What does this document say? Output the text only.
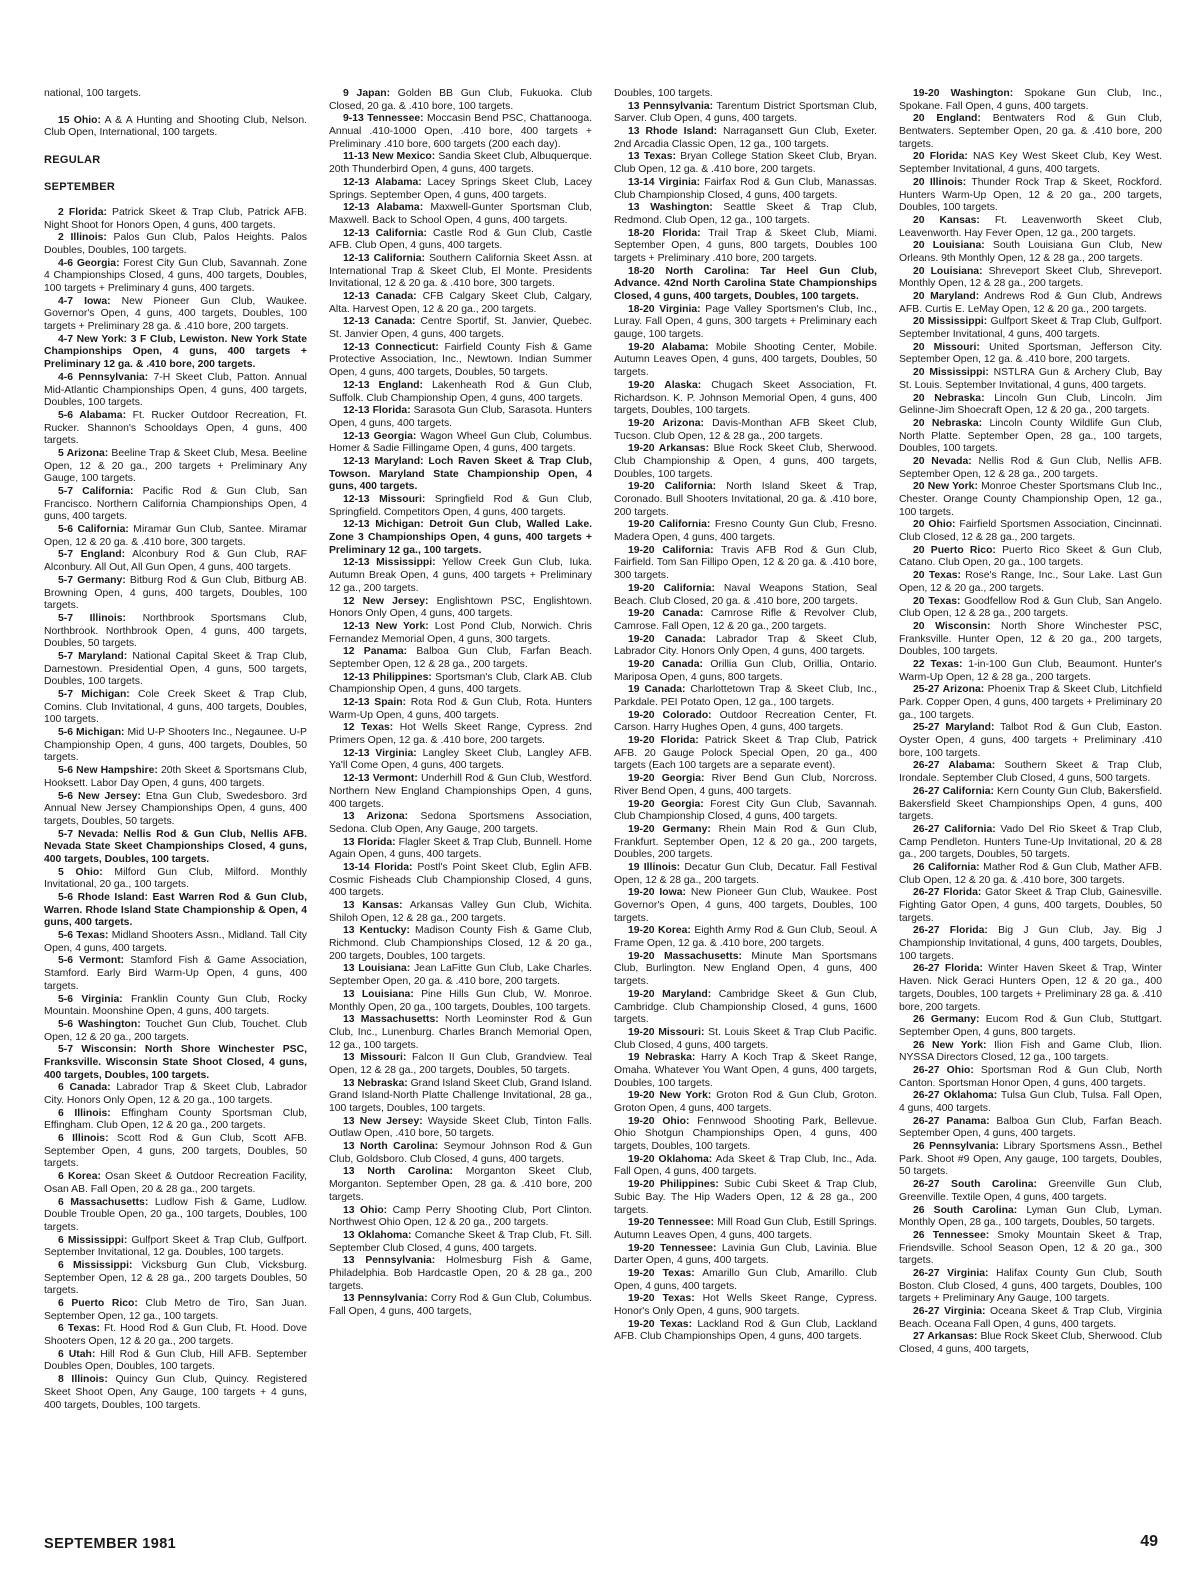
national, 100 targets.

15 Ohio: A & A Hunting and Shooting Club, Nelson. Club Open, International, 100 targets.

REGULAR
SEPTEMBER

2 Florida: Patrick Skeet & Trap Club, Patrick AFB. Night Shoot for Honors Open, 4 guns, 400 targets.

2 Illinois: Palos Gun Club, Palos Heights. Palos Doubles, Doubles, 100 targets.

4-6 Georgia: Forest City Gun Club, Savannah. Zone 4 Championships Closed, 4 guns, 400 targets, Doubles, 100 targets + Preliminary 4 guns, 400 targets.

4-7 Iowa: New Pioneer Gun Club, Waukee. Governor's Open, 4 guns, 400 targets, Doubles, 100 targets + Preliminary 28 ga. & .410 bore, 200 targets.

4-7 New York: 3 F Club, Lewiston. New York State Championships Open, 4 guns, 400 targets + Preliminary 12 ga. & .410 bore, 200 targets.

4-6 Pennsylvania: 7-H Skeet Club, Patton. Annual Mid-Atlantic Championships Open, 4 guns, 400 targets, Doubles, 100 targets.

5-6 Alabama: Ft. Rucker Outdoor Recreation, Ft. Rucker. Shannon's Schooldays Open, 4 guns, 400 targets.

5 Arizona: Beeline Trap & Skeet Club, Mesa. Beeline Open, 12 & 20 ga., 200 targets + Preliminary Any Gauge, 100 targets.

5-7 California: Pacific Rod & Gun Club, San Francisco. Northern California Championships Open, 4 guns, 400 targets.

5-6 California: Miramar Gun Club, Santee. Miramar Open, 12 & 20 ga. & .410 bore, 300 targets.

5-7 England: Alconbury Rod & Gun Club, RAF Alconbury. All Out, All Gun Open, 4 guns, 400 targets.

5-7 Germany: Bitburg Rod & Gun Club, Bitburg AB. Browning Open, 4 guns, 400 targets, Doubles, 100 targets.

5-7 Illinois: Northbrook Sportsmans Club, Northbrook. Northbrook Open, 4 guns, 400 targets, Doubles, 50 targets.

5-7 Maryland: National Capital Skeet & Trap Club, Darnestown. Presidential Open, 4 guns, 500 targets, Doubles, 100 targets.

5-7 Michigan: Cole Creek Skeet & Trap Club, Comins. Club Invitational, 4 guns, 400 targets, Doubles, 100 targets.

5-6 Michigan: Mid U-P Shooters Inc., Negaunee. U-P Championship Open, 4 guns, 400 targets, Doubles, 50 targets.

5-6 New Hampshire: 20th Skeet & Sportsmans Club, Hooksett. Labor Day Open, 4 guns, 400 targets.

5-6 New Jersey: Etna Gun Club, Swedesboro. 3rd Annual New Jersey Championships Open, 4 guns, 400 targets, Doubles, 50 targets.

5-7 Nevada: Nellis Rod & Gun Club, Nellis AFB. Nevada State Skeet Championships Closed, 4 guns, 400 targets, Doubles, 100 targets.

5 Ohio: Milford Gun Club, Milford. Monthly Invitational, 20 ga., 100 targets.

5-6 Rhode Island: East Warren Rod & Gun Club, Warren. Rhode Island State Championship & Open, 4 guns, 400 targets.

5-6 Texas: Midland Shooters Assn., Midland. Tall City Open, 4 guns, 400 targets.

5-6 Vermont: Stamford Fish & Game Association, Stamford. Early Bird Warm-Up Open, 4 guns, 400 targets.

5-6 Virginia: Franklin County Gun Club, Rocky Mountain. Moonshine Open, 4 guns, 400 targets.

5-6 Washington: Touchet Gun Club, Touchet. Club Open, 12 & 20 ga., 200 targets.

5-7 Wisconsin: North Shore Winchester PSC, Franksville. Wisconsin State Shoot Closed, 4 guns, 400 targets, Doubles, 100 targets.

6 Canada: Labrador Trap & Skeet Club, Labrador City. Honors Only Open, 12 & 20 ga., 100 targets.

6 Illinois: Effingham County Sportsman Club, Effingham. Club Open, 12 & 20 ga., 200 targets.

6 Illinois: Scott Rod & Gun Club, Scott AFB. September Open, 4 guns, 200 targets, Doubles, 50 targets.

6 Korea: Osan Skeet & Outdoor Recreation Facility, Osan AB. Fall Open, 20 & 28 ga., 200 targets.

6 Massachusetts: Ludlow Fish & Game, Ludlow. Double Trouble Open, 20 ga., 100 targets, Doubles, 100 targets.

6 Mississippi: Gulfport Skeet & Trap Club, Gulfport. September Invitational, 12 ga. Doubles, 100 targets.

6 Mississippi: Vicksburg Gun Club, Vicksburg. September Open, 12 & 28 ga., 200 targets Doubles, 50 targets.

6 Puerto Rico: Club Metro de Tiro, San Juan. September Open, 12 ga., 100 targets.

6 Texas: Ft. Hood Rod & Gun Club, Ft. Hood. Dove Shooters Open, 12 & 20 ga., 200 targets.

6 Utah: Hill Rod & Gun Club, Hill AFB. September Doubles Open, Doubles, 100 targets.

8 Illinois: Quincy Gun Club, Quincy. Registered Skeet Shoot Open, Any Gauge, 100 targets + 4 guns, 400 targets, Doubles, 100 targets.

9 Japan: Golden BB Gun Club, Fukuoka. Club Closed, 20 ga. & .410 bore, 100 targets.

9-13 Tennessee: Moccasin Bend PSC, Chattanooga. Annual .410-1000 Open, .410 bore, 400 targets + Preliminary .410 bore, 600 targets (200 each day).

11-13 New Mexico: Sandia Skeet Club, Albuquerque. 20th Thunderbird Open, 4 guns, 400 targets.

12-13 Alabama: Lacey Springs Skeet Club, Lacey Springs. September Open, 4 guns, 400 targets.

12-13 Alabama: Maxwell-Gunter Sportsman Club, Maxwell. Back to School Open, 4 guns, 400 targets.

12-13 California: Castle Rod & Gun Club, Castle AFB. Club Open, 4 guns, 400 targets.

12-13 California: Southern California Skeet Assn. at International Trap & Skeet Club, El Monte. Presidents Invitational, 12 & 20 ga. & .410 bore, 300 targets.

12-13 Canada: CFB Calgary Skeet Club, Calgary, Alta. Harvest Open, 12 & 20 ga., 200 targets.

12-13 Canada: Centre Sportif, St. Janvier, Quebec. St. Janvier Open, 4 guns, 400 targets.

12-13 Connecticut: Fairfield County Fish & Game Protective Association, Inc., Newtown. Indian Summer Open, 4 guns, 400 targets, Doubles, 50 targets.

12-13 England: Lakenheath Rod & Gun Club, Suffolk. Club Championship Open, 4 guns, 400 targets.

12-13 Florida: Sarasota Gun Club, Sarasota. Hunters Open, 4 guns, 400 targets.

12-13 Georgia: Wagon Wheel Gun Club, Columbus. Homer & Sadie Fillingame Open, 4 guns, 400 targets.

12-13 Maryland: Loch Raven Skeet & Trap Club, Towson. Maryland State Championship Open, 4 guns, 400 targets.

12-13 Missouri: Springfield Rod & Gun Club, Springfield. Competitors Open, 4 guns, 400 targets.

12-13 Michigan: Detroit Gun Club, Walled Lake. Zone 3 Championships Open, 4 guns, 400 targets + Preliminary 12 ga., 100 targets.

12-13 Mississippi: Yellow Creek Gun Club, Iuka. Autumn Break Open, 4 guns, 400 targets + Preliminary 12 ga., 200 targets.

12 New Jersey: Englishtown PSC, Englishtown. Honors Only Open, 4 guns, 400 targets.

12-13 New York: Lost Pond Club, Norwich. Chris Fernandez Memorial Open, 4 guns, 300 targets.

12 Panama: Balboa Gun Club, Farfan Beach. September Open, 12 & 28 ga., 200 targets.

12-13 Philippines: Sportsman's Club, Clark AB. Club Championship Open, 4 guns, 400 targets.

12-13 Spain: Rota Rod & Gun Club, Rota. Hunters Warm-Up Open, 4 guns, 400 targets.

12 Texas: Hot Wells Skeet Range, Cypress. 2nd Primers Open, 12 ga. & .410 bore, 200 targets.

12-13 Virginia: Langley Skeet Club, Langley AFB. Ya'll Come Open, 4 guns, 400 targets.

12-13 Vermont: Underhill Rod & Gun Club, Westford. Northern New England Championships Open, 4 guns, 400 targets.

13 Arizona: Sedona Sportsmens Association, Sedona. Club Open, Any Gauge, 200 targets.

13 Florida: Flagler Skeet & Trap Club, Bunnell. Home Again Open, 4 guns, 400 targets.

13-14 Florida: Postl's Point Skeet Club, Eglin AFB. Cosmic Fisheads Club Championship Closed, 4 guns, 400 targets.

13 Kansas: Arkansas Valley Gun Club, Wichita. Shiloh Open, 12 & 28 ga., 200 targets.

13 Kentucky: Madison County Fish & Game Club, Richmond. Club Championships Closed, 12 & 20 ga., 200 targets, Doubles, 100 targets.

13 Louisiana: Jean LaFitte Gun Club, Lake Charles. September Open, 20 ga. & .410 bore, 200 targets.

13 Louisiana: Pine Hills Gun Club, W. Monroe. Monthly Open, 20 ga., 100 targets, Doubles, 100 targets.

13 Massachusetts: North Leominster Rod & Gun Club, Inc., Lunenburg. Charles Branch Memorial Open, 12 ga., 100 targets.

13 Missouri: Falcon II Gun Club, Grandview. Teal Open, 12 & 28 ga., 200 targets, Doubles, 50 targets.

13 Nebraska: Grand Island Skeet Club, Grand Island. Grand Island-North Platte Challenge Invitational, 28 ga., 100 targets, Doubles, 100 targets.

13 New Jersey: Wayside Skeet Club, Tinton Falls. Outlaw Open, .410 bore, 50 targets.

13 North Carolina: Seymour Johnson Rod & Gun Club, Goldsboro. Club Closed, 4 guns, 400 targets.

13 North Carolina: Morganton Skeet Club, Morganton. September Open, 28 ga. & .410 bore, 200 targets.

13 Ohio: Camp Perry Shooting Club, Port Clinton. Northwest Ohio Open, 12 & 20 ga., 200 targets.

13 Oklahoma: Comanche Skeet & Trap Club, Ft. Sill. September Club Closed, 4 guns, 400 targets.

13 Pennsylvania: Holmesburg Fish & Game, Philadelphia. Bob Hardcastle Open, 20 & 28 ga., 200 targets.

13 Pennsylvania: Corry Rod & Gun Club, Columbus. Fall Open, 4 guns, 400 targets,

Doubles, 100 targets.

13 Pennsylvania: Tarentum District Sportsman Club, Sarver. Club Open, 4 guns, 400 targets.

13 Rhode Island: Narragansett Gun Club, Exeter. 2nd Arcadia Classic Open, 12 ga., 100 targets.

13 Texas: Bryan College Station Skeet Club, Bryan. Club Open, 12 ga. & .410 bore, 200 targets.

13-14 Virginia: Fairfax Rod & Gun Club, Manassas. Club Championship Closed, 4 guns, 400 targets.

13 Washington: Seattle Skeet & Trap Club, Redmond. Club Open, 12 ga., 100 targets.

18-20 Florida: Trail Trap & Skeet Club, Miami. September Open, 4 guns, 800 targets, Doubles 100 targets + Preliminary .410 bore, 200 targets.

18-20 North Carolina: Tar Heel Gun Club, Advance. 42nd North Carolina State Championships Closed, 4 guns, 400 targets, Doubles, 100 targets.

18-20 Virginia: Page Valley Sportsmen's Club, Inc., Luray. Fall Open, 4 guns, 300 targets + Preliminary each gauge, 100 targets.

19-20 Alabama: Mobile Shooting Center, Mobile. Autumn Leaves Open, 4 guns, 400 targets, Doubles, 50 targets.

19-20 Alaska: Chugach Skeet Association, Ft. Richardson. K. P. Johnson Memorial Open, 4 guns, 400 targets, Doubles, 100 targets.

19-20 Arizona: Davis-Monthan AFB Skeet Club, Tucson. Club Open, 12 & 28 ga., 200 targets.

19-20 Arkansas: Blue Rock Skeet Club, Sherwood. Club Championship & Open, 4 guns, 400 targets, Doubles, 100 targets.

19-20 California: North Island Skeet & Trap, Coronado. Bull Shooters Invitational, 20 ga. & .410 bore, 200 targets.

19-20 California: Fresno County Gun Club, Fresno. Madera Open, 4 guns, 400 targets.

19-20 California: Travis AFB Rod & Gun Club, Fairfield. Tom San Fillipo Open, 12 & 20 ga. & .410 bore, 300 targets.

19-20 California: Naval Weapons Station, Seal Beach. Club Closed, 20 ga. & .410 bore, 200 targets.

19-20 Canada: Camrose Rifle & Revolver Club, Camrose. Fall Open, 12 & 20 ga., 200 targets.

19-20 Canada: Labrador Trap & Skeet Club, Labrador City. Honors Only Open, 4 guns, 400 targets.

19-20 Canada: Orillia Gun Club, Orillia, Ontario. Mariposa Open, 4 guns, 800 targets.

19 Canada: Charlottetown Trap & Skeet Club, Inc., Parkdale. PEI Potato Open, 12 ga., 100 targets.

19-20 Colorado: Outdoor Recreation Center, Ft. Carson. Harry Hughes Open, 4 guns, 400 targets.

19-20 Florida: Patrick Skeet & Trap Club, Patrick AFB. 20 Gauge Polock Special Open, 20 ga., 400 targets (Each 100 targets are a separate event).

19-20 Georgia: River Bend Gun Club, Norcross. River Bend Open, 4 guns, 400 targets.

19-20 Georgia: Forest City Gun Club, Savannah. Club Championship Closed, 4 guns, 400 targets.

19-20 Germany: Rhein Main Rod & Gun Club, Frankfurt. September Open, 12 & 20 ga., 200 targets, Doubles, 200 targets.

19 Illinois: Decatur Gun Club, Decatur. Fall Festival Open, 12 & 28 ga., 200 targets.

19-20 Iowa: New Pioneer Gun Club, Waukee. Post Governor's Open, 4 guns, 400 targets, Doubles, 100 targets.

19-20 Korea: Eighth Army Rod & Gun Club, Seoul. A Frame Open, 12 ga. & .410 bore, 200 targets.

19-20 Massachusetts: Minute Man Sportsmans Club, Burlington. New England Open, 4 guns, 400 targets.

19-20 Maryland: Cambridge Skeet & Gun Club, Cambridge. Club Championship Closed, 4 guns, 1600 targets.

19-20 Missouri: St. Louis Skeet & Trap Club Pacific. Club Closed, 4 guns, 400 targets.

19 Nebraska: Harry A Koch Trap & Skeet Range, Omaha. Whatever You Want Open, 4 guns, 400 targets, Doubles, 100 targets.

19-20 New York: Groton Rod & Gun Club, Groton. Groton Open, 4 guns, 400 targets.

19-20 Ohio: Fennwood Shooting Park, Bellevue. Ohio Shotgun Championships Open, 4 guns, 400 targets, Doubles, 100 targets.

19-20 Oklahoma: Ada Skeet & Trap Club, Inc., Ada. Fall Open, 4 guns, 400 targets.

19-20 Philippines: Subic Cubi Skeet & Trap Club, Subic Bay. The Hip Waders Open, 12 & 28 ga., 200 targets.

19-20 Tennessee: Mill Road Gun Club, Estill Springs. Autumn Leaves Open, 4 guns, 400 targets.

19-20 Tennessee: Lavinia Gun Club, Lavinia. Blue Darter Open, 4 guns, 400 targets.

19-20 Texas: Amarillo Gun Club, Amarillo. Club Open, 4 guns, 400 targets.

19-20 Texas: Hot Wells Skeet Range, Cypress. Honor's Only Open, 4 guns, 900 targets.

19-20 Texas: Lackland Rod & Gun Club, Lackland AFB. Club Championships Open, 4 guns, 400 targets.

19-20 Washington: Spokane Gun Club, Inc., Spokane. Fall Open, 4 guns, 400 targets.

20 England: Bentwaters Rod & Gun Club, Bentwaters. September Open, 20 ga. & .410 bore, 200 targets.

20 Florida: NAS Key West Skeet Club, Key West. September Invitational, 4 guns, 400 targets.

20 Illinois: Thunder Rock Trap & Skeet, Rockford. Hunters Warm-Up Open, 12 & 20 ga., 200 targets, Doubles, 100 targets.

20 Kansas: Ft. Leavenworth Skeet Club, Leavenworth. Hay Fever Open, 12 ga., 200 targets.

20 Louisiana: South Louisiana Gun Club, New Orleans. 9th Monthly Open, 12 & 28 ga., 200 targets.

20 Louisiana: Shreveport Skeet Club, Shreveport. Monthly Open, 12 & 28 ga., 200 targets.

20 Maryland: Andrews Rod & Gun Club, Andrews AFB. Curtis E. LeMay Open, 12 & 20 ga., 200 targets.

20 Mississippi: Gulfport Skeet & Trap Club, Gulfport. September Invitational, 4 guns, 400 targets.

20 Missouri: United Sportsman, Jefferson City. September Open, 12 ga. & .410 bore, 200 targets.

20 Mississippi: NSTLRA Gun & Archery Club, Bay St. Louis. September Invitational, 4 guns, 400 targets.

20 Nebraska: Lincoln Gun Club, Lincoln. Jim Gelinne-Jim Shoecraft Open, 12 & 20 ga., 200 targets.

20 Nebraska: Lincoln County Wildlife Gun Club, North Platte. September Open, 28 ga., 100 targets, Doubles, 100 targets.

20 Nevada: Nellis Rod & Gun Club, Nellis AFB. September Open, 12 & 28 ga., 200 targets.

20 New York: Monroe Chester Sportsmans Club Inc., Chester. Orange County Championship Open, 12 ga., 100 targets.

20 Ohio: Fairfield Sportsmen Association, Cincinnati. Club Closed, 12 & 28 ga., 200 targets.

20 Puerto Rico: Puerto Rico Skeet & Gun Club, Catano. Club Open, 20 ga., 100 targets.

20 Texas: Rose's Range, Inc., Sour Lake. Last Gun Open, 12 & 20 ga., 200 targets.

20 Texas: Goodfellow Rod & Gun Club, San Angelo. Club Open, 12 & 28 ga., 200 targets.

20 Wisconsin: North Shore Winchester PSC, Franksville. Hunter Open, 12 & 20 ga., 200 targets, Doubles, 100 targets.

22 Texas: 1-in-100 Gun Club, Beaumont. Hunter's Warm-Up Open, 12 & 28 ga., 200 targets.

25-27 Arizona: Phoenix Trap & Skeet Club, Litchfield Park. Copper Open, 4 guns, 400 targets + Preliminary 20 ga., 100 targets.

25-27 Maryland: Talbot Rod & Gun Club, Easton. Oyster Open, 4 guns, 400 targets + Preliminary .410 bore, 100 targets.

26-27 Alabama: Southern Skeet & Trap Club, Irondale. September Club Closed, 4 guns, 500 targets.

26-27 California: Kern County Gun Club, Bakersfield. Bakersfield Skeet Championships Open, 4 guns, 400 targets.

26-27 California: Vado Del Rio Skeet & Trap Club, Camp Pendleton. Hunters Tune-Up Invitational, 20 & 28 ga., 200 targets, Doubles, 50 targets.

26 California: Mather Rod & Gun Club, Mather AFB. Club Open, 12 & 20 ga. & .410 bore, 300 targets.

26-27 Florida: Gator Skeet & Trap Club, Gainesville. Fighting Gator Open, 4 guns, 400 targets, Doubles, 50 targets.

26-27 Florida: Big J Gun Club, Jay. Big J Championship Invitational, 4 guns, 400 targets, Doubles, 100 targets.

26-27 Florida: Winter Haven Skeet & Trap, Winter Haven. Nick Geraci Hunters Open, 12 & 20 ga., 400 targets, Doubles, 100 targets + Preliminary 28 ga. & .410 bore, 200 targets.

26 Germany: Eucom Rod & Gun Club, Stuttgart. September Open, 4 guns, 800 targets.

26 New York: Ilion Fish and Game Club, Ilion. NYSSA Directors Closed, 12 ga., 100 targets.

26-27 Ohio: Sportsman Rod & Gun Club, North Canton. Sportsman Honor Open, 4 guns, 400 targets.

26-27 Oklahoma: Tulsa Gun Club, Tulsa. Fall Open, 4 guns, 400 targets.

26-27 Panama: Balboa Gun Club, Farfan Beach. September Open, 4 guns, 400 targets.

26 Pennsylvania: Library Sportsmens Assn., Bethel Park. Shoot #9 Open, Any gauge, 100 targets, Doubles, 50 targets.

26-27 South Carolina: Greenville Gun Club, Greenville. Textile Open, 4 guns, 400 targets.

26 South Carolina: Lyman Gun Club, Lyman. Monthly Open, 28 ga., 100 targets, Doubles, 50 targets.

26 Tennessee: Smoky Mountain Skeet & Trap, Friendsville. School Season Open, 12 & 20 ga., 300 targets.

26-27 Virginia: Halifax County Gun Club, South Boston. Club Closed, 4 guns, 400 targets, Doubles, 100 targets + Preliminary Any Gauge, 100 targets.

26-27 Virginia: Oceana Skeet & Trap Club, Virginia Beach. Oceana Fall Open, 4 guns, 400 targets.

27 Arkansas: Blue Rock Skeet Club, Sherwood. Club Closed, 4 guns, 400 targets,

SEPTEMBER 1981	49
